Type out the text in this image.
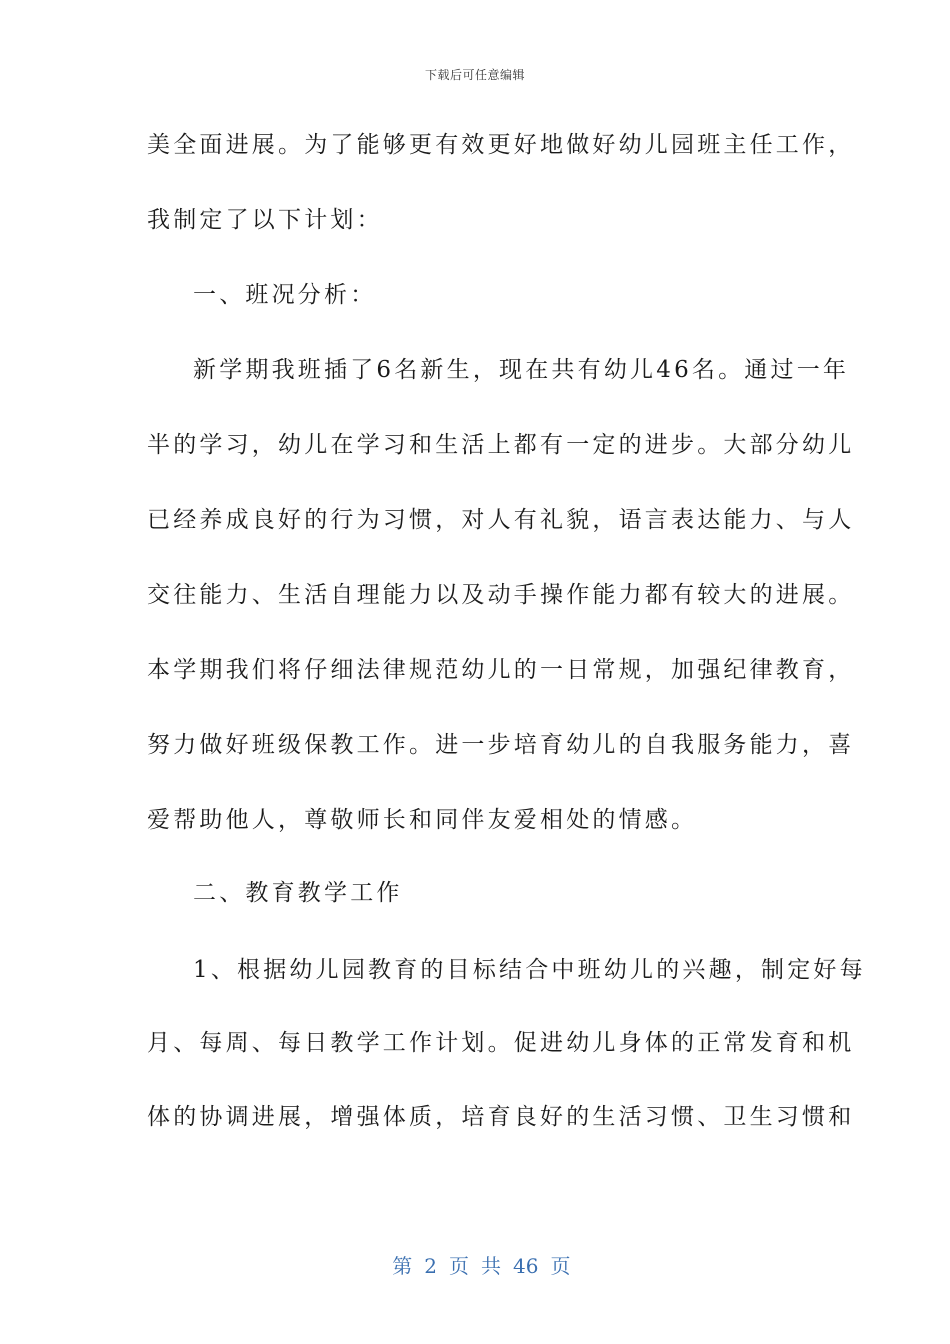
下载后可任意编辑
美全面进展。为了能够更有效更好地做好幼儿园班主任工作，
我制定了以下计划：
一、班况分析：
新学期我班插了6名新生，现在共有幼儿46名。通过一年
半的学习，幼儿在学习和生活上都有一定的进步。大部分幼儿
已经养成良好的行为习惯，对人有礼貌，语言表达能力、与人
交往能力、生活自理能力以及动手操作能力都有较大的进展。
本学期我们将仔细法律规范幼儿的一日常规，加强纪律教育，
努力做好班级保教工作。进一步培育幼儿的自我服务能力，喜
爱帮助他人，尊敬师长和同伴友爱相处的情感。
二、教育教学工作
1、根据幼儿园教育的目标结合中班幼儿的兴趣，制定好每
月、每周、每日教学工作计划。促进幼儿身体的正常发育和机
体的协调进展，增强体质，培育良好的生活习惯、卫生习惯和

第 2 页 共 46 页
